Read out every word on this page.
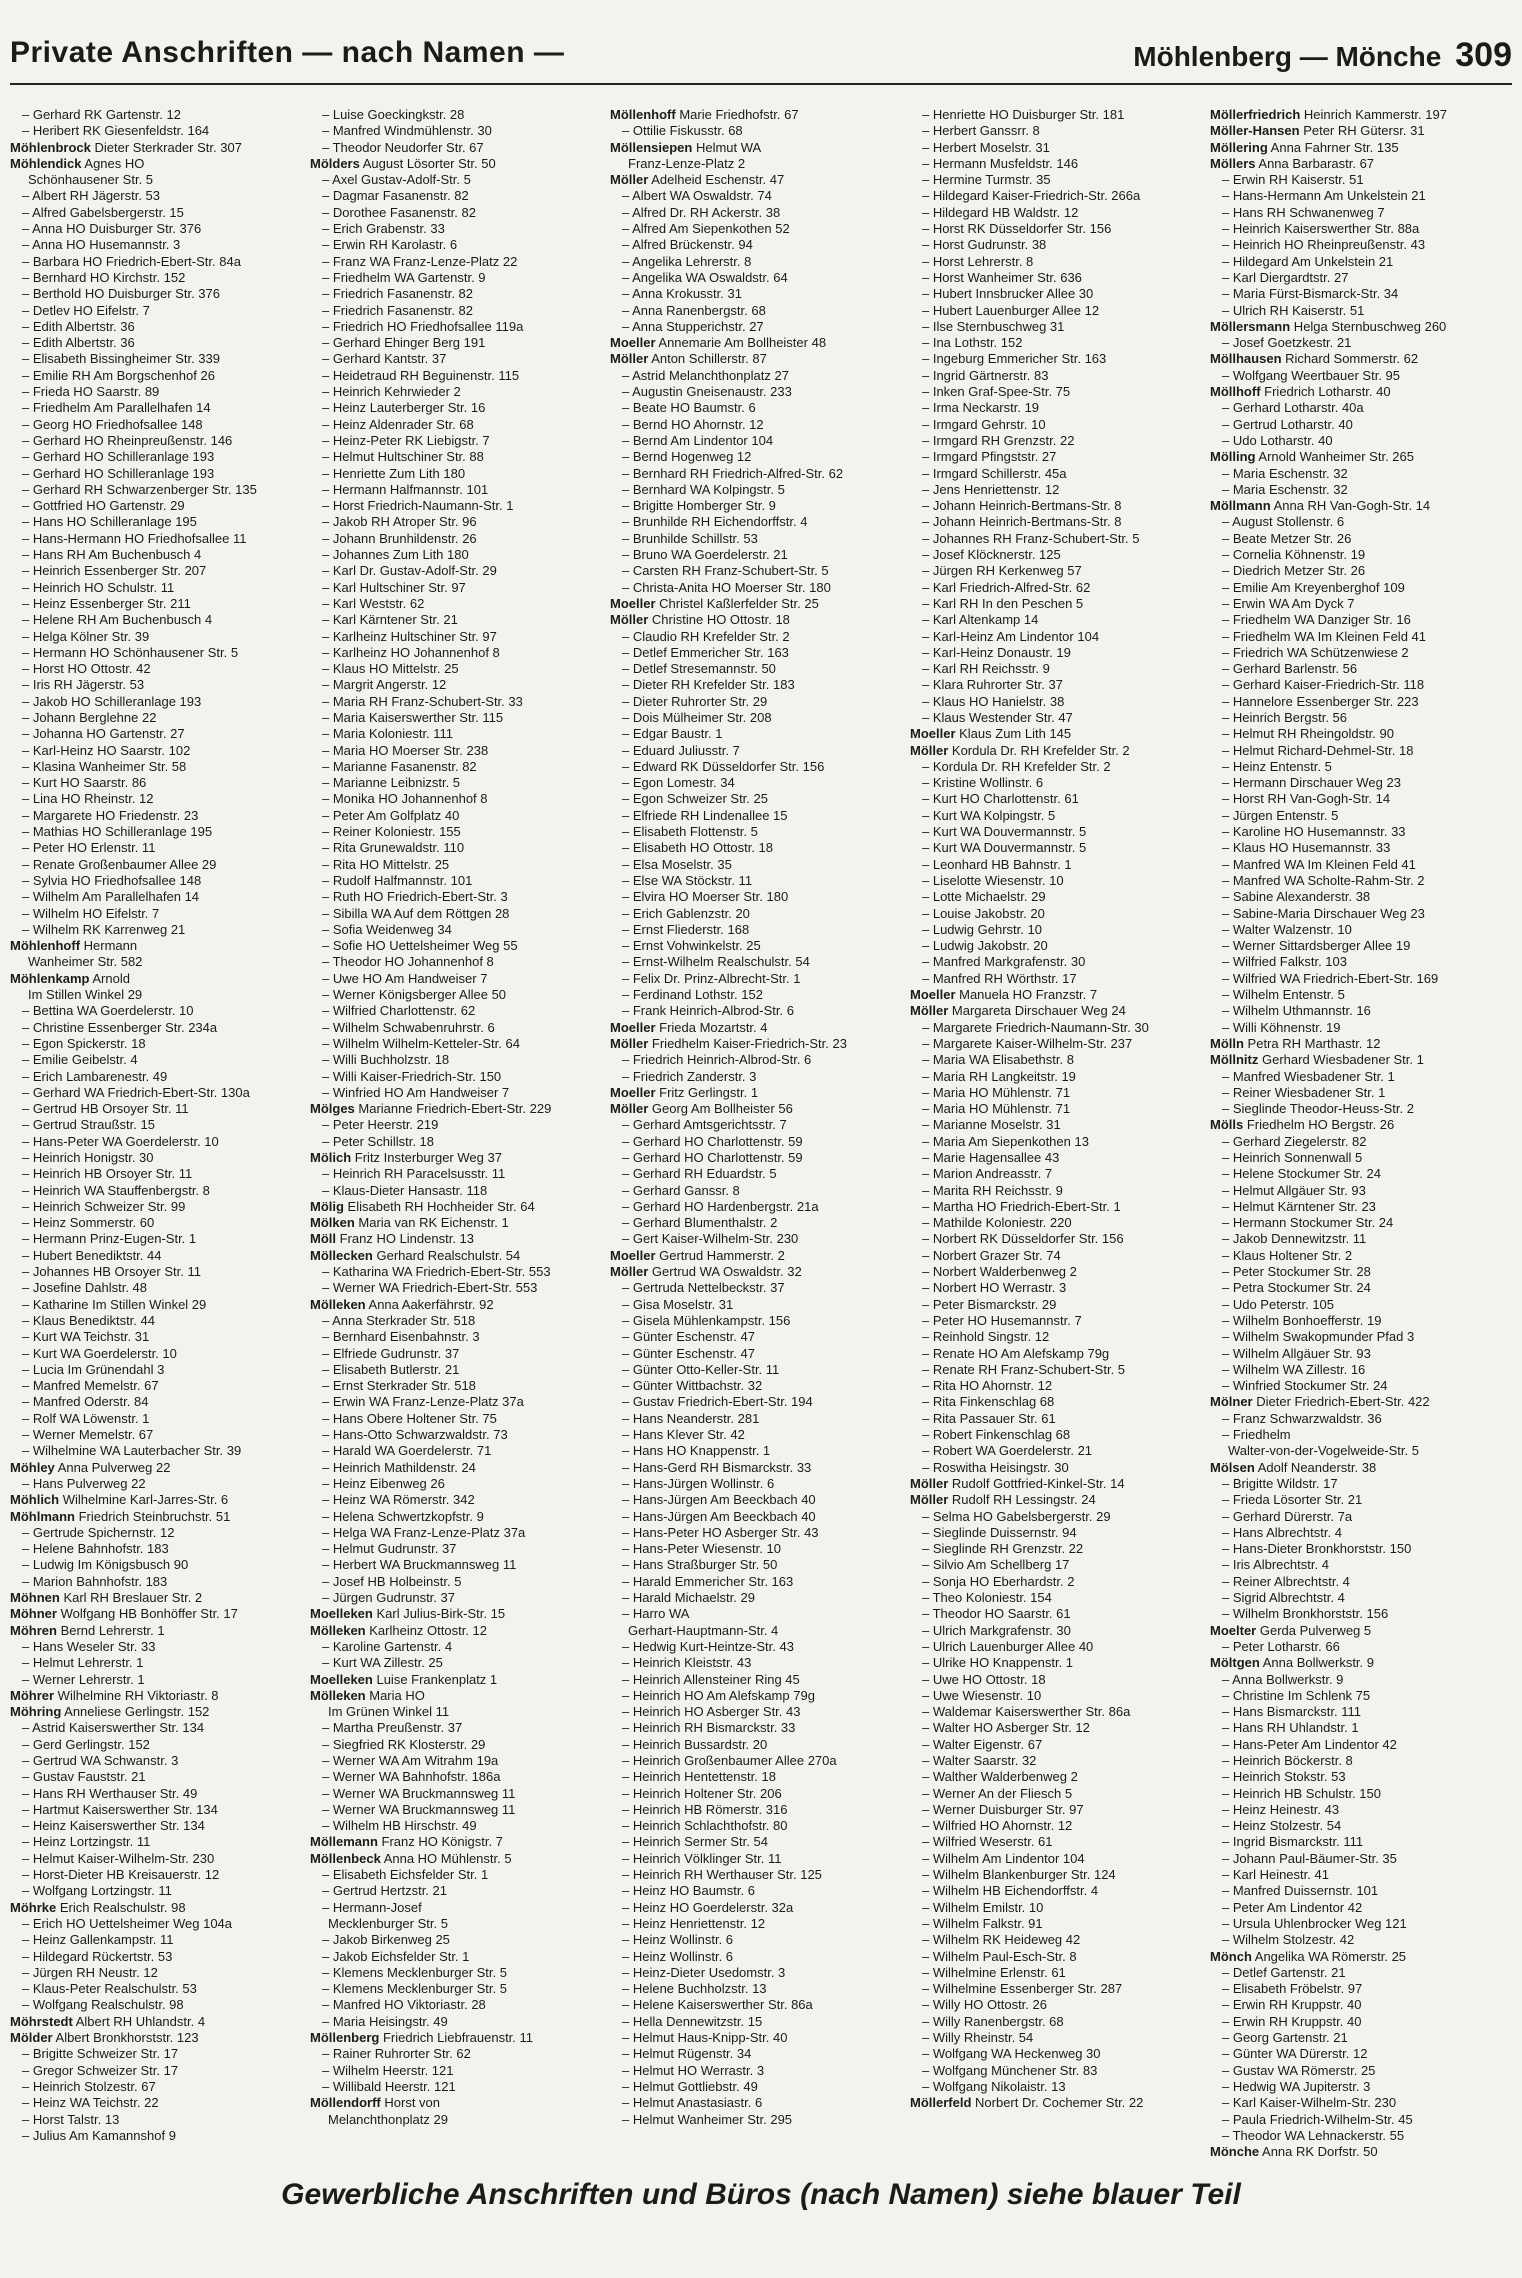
Private Anschriften — nach Namen —	Möhlenberg — Mönche 309
– Gerhard RK Gartenstr. 12
– Heribert RK Giesenfeldstr. 164
Möhlenbrock Dieter Sterkrader Str. 307
Möhlendick Agnes HO
Schönhausener Str. 5
– Albert RH Jägerstr. 53
– Alfred Gabelsbergerstr. 15
– Anna HO Duisburger Str. 376
– Anna HO Husemannstr. 3
– Barbara HO Friedrich-Ebert-Str. 84a
– Bernhard HO Kirchstr. 152
– Berthold HO Duisburger Str. 376
– Detlev HO Eifelstr. 7
– Edith Albertstr. 36
– Edith Albertstr. 36
– Elisabeth Bissingheimer Str. 339
– Emilie RH Am Borgschenhof 26
– Frieda HO Saarstr. 89
– Friedhelm Am Parallelhafen 14
– Georg HO Friedhofsallee 148
– Gerhard HO Rheinpreußenstr. 146
– Gerhard HO Schilleranlage 193
– Gerhard HO Schilleranlage 193
– Gerhard RH Schwarzenberger Str. 135
– Gottfried HO Gartenstr. 29
– Hans HO Schilleranlage 195
– Hans-Hermann HO Friedhofsallee 11
– Hans RH Am Buchenbusch 4
– Heinrich Essenberger Str. 207
– Heinrich HO Schulstr. 11
– Heinz Essenberger Str. 211
– Helene RH Am Buchenbusch 4
– Helga Kölner Str. 39
– Hermann HO Schönhausener Str. 5
– Horst HO Ottostr. 42
– Iris RH Jägerstr. 53
– Jakob HO Schilleranlage 193
– Johann Berglehne 22
– Johanna HO Gartenstr. 27
– Karl-Heinz HO Saarstr. 102
– Klasina Wanheimer Str. 58
– Kurt HO Saarstr. 86
– Lina HO Rheinstr. 12
– Margarete HO Friedenstr. 23
– Mathias HO Schilleranlage 195
– Peter HO Erlenstr. 11
– Renate Großenbaumer Allee 29
– Sylvia HO Friedhofsallee 148
– Wilhelm Am Parallelhafen 14
– Wilhelm HO Eifelstr. 7
– Wilhelm RK Karrenweg 21
Möhlenhoff Hermann
Wanheimer Str. 582
Möhlenkamp Arnold
Im Stillen Winkel 29
– Bettina WA Goerdelerstr. 10
– Christine Essenberger Str. 234a
– Egon Spickerstr. 18
– Emilie Geibelstr. 4
– Erich Lambarenestr. 49
– Gerhard WA Friedrich-Ebert-Str. 130a
– Gertrud HB Orsoyer Str. 11
– Gertrud Straußstr. 15
– Hans-Peter WA Goerdelerstr. 10
– Heinrich Honigstr. 30
– Heinrich HB Orsoyer Str. 11
– Heinrich WA Stauffenbergstr. 8
– Heinrich Schweizer Str. 99
– Heinz Sommerstr. 60
– Hermann Prinz-Eugen-Str. 1
– Hubert Benediktstr. 44
– Johannes HB Orsoyer Str. 11
– Josefine Dahlstr. 48
– Katharine Im Stillen Winkel 29
– Klaus Benediktstr. 44
– Kurt WA Teichstr. 31
– Kurt WA Goerdelerstr. 10
– Lucia Im Grünendahl 3
– Manfred Memelstr. 67
– Manfred Oderstr. 84
– Rolf WA Löwenstr. 1
– Werner Memelstr. 67
– Wilhelmine WA Lauterbacher Str. 39
Möhley Anna Pulverweg 22
– Hans Pulverweg 22
Möhlich Wilhelmine Karl-Jarres-Str. 6
Möhlmann Friedrich Steinbruchstr. 51
– Gertrude Spichernstr. 12
– Helene Bahnhofstr. 183
– Ludwig Im Königsbusch 90
– Marion Bahnhofstr. 183
Möhnen Karl RH Breslauer Str. 2
Möhner Wolfgang HB Bonhöffer Str. 17
Möhren Bernd Lehrerstr. 1
– Hans Weseler Str. 33
– Helmut Lehrerstr. 1
– Werner Lehrerstr. 1
Möhrer Wilhelmine RH Viktoriastr. 8
Möhring Anneliese Gerlingstr. 152
– Astrid Kaiserswerther Str. 134
– Gerd Gerlingstr. 152
– Gertrud WA Schwanstr. 3
– Gustav Fauststr. 21
– Hans RH Werthauser Str. 49
– Hartmut Kaiserswerther Str. 134
– Heinz Kaiserswerther Str. 134
– Heinz Lortzingstr. 11
– Helmut Kaiser-Wilhelm-Str. 230
– Horst-Dieter HB Kreisauerstr. 12
– Wolfgang Lortzingstr. 11
Möhrke Erich Realschulstr. 98
– Erich HO Uettelsheimer Weg 104a
– Heinz Gallenkampstr. 11
– Hildegard Rückertstr. 53
– Jürgen RH Neustr. 12
– Klaus-Peter Realschulstr. 53
– Wolfgang Realschulstr. 98
Möhrstedt Albert RH Uhlandstr. 4
Mölder Albert Bronkhorststr. 123
– Brigitte Schweizer Str. 17
– Gregor Schweizer Str. 17
– Heinrich Stolzestr. 67
– Heinz WA Teichstr. 22
– Horst Talstr. 13
– Julius Am Kamannshof 9
– Luise Goeckingkstr. 28
– Manfred Windmühlenstr. 30
– Theodor Neudorfer Str. 67
Mölders August Lösorter Str. 50
– Axel Gustav-Adolf-Str. 5
– Dagmar Fasanenstr. 82
– Dorothee Fasanenstr. 82
– Erich Grabenstr. 33
– Erwin RH Karolastr. 6
– Franz WA Franz-Lenze-Platz 22
– Friedhelm WA Gartenstr. 9
– Friedrich Fasanenstr. 82
– Friedrich Fasanenstr. 82
– Friedrich HO Friedhofsallee 119a
– Gerhard Ehinger Berg 191
– Gerhard Kantstr. 37
– Heidetraud RH Beguinenstr. 115
– Heinrich Kehrwieder 2
– Heinz Lauterberger Str. 16
– Heinz Aldenrader Str. 68
– Heinz-Peter RK Liebigstr. 7
– Helmut Hultschiner Str. 88
– Henriette Zum Lith 180
– Hermann Halfmannstr. 101
– Horst Friedrich-Naumann-Str. 1
– Jakob RH Atroper Str. 96
– Johann Brunhildenstr. 26
– Johannes Zum Lith 180
– Karl Dr. Gustav-Adolf-Str. 29
– Karl Hultschiner Str. 97
– Karl Weststr. 62
– Karl Kärntener Str. 21
– Karlheinz Hultschiner Str. 97
– Karlheinz HO Johannenhof 8
– Klaus HO Mittelstr. 25
– Margrit Angerstr. 12
– Maria RH Franz-Schubert-Str. 33
– Maria Kaiserswerther Str. 115
– Maria Koloniestr. 111
– Maria HO Moerser Str. 238
– Marianne Fasanenstr. 82
– Marianne Leibnizstr. 5
– Monika HO Johannenhof 8
– Peter Am Golfplatz 40
– Reiner Koloniestr. 155
– Rita Grunewaldstr. 110
– Rita HO Mittelstr. 25
– Rudolf Halfmannstr. 101
– Ruth HO Friedrich-Ebert-Str. 3
– Sibilla WA Auf dem Röttgen 28
– Sofia Weidenweg 34
– Sofie HO Uettelsheimer Weg 55
– Theodor HO Johannenhof 8
– Uwe HO Am Handweiser 7
– Werner Königsberger Allee 50
– Wilfried Charlottenstr. 62
– Wilhelm Schwabenruhrstr. 6
– Wilhelm Wilhelm-Ketteler-Str. 64
– Willi Buchholzstr. 18
– Willi Kaiser-Friedrich-Str. 150
– Winfried HO Am Handweiser 7
Mölges Marianne Friedrich-Ebert-Str. 229
– Peter Heerstr. 219
– Peter Schillstr. 18
Mölich Fritz Insterburger Weg 37
– Heinrich RH Paracelsusstr. 11
– Klaus-Dieter Hansastr. 118
Mölig Elisabeth RH Hochheider Str. 64
Mölken Maria van RK Eichenstr. 1
Möll Franz HO Lindenstr. 13
Möllecken Gerhard Realschulstr. 54
– Katharina WA Friedrich-Ebert-Str. 553
– Werner WA Friedrich-Ebert-Str. 553
Mölleken Anna Aakerfährstr. 92
– Anna Sterkrader Str. 518
– Bernhard Eisenbahnstr. 3
– Elfriede Gudrunstr. 37
– Elisabeth Butlerstr. 21
– Ernst Sterkrader Str. 518
– Erwin WA Franz-Lenze-Platz 37a
– Hans Obere Holtener Str. 75
– Hans-Otto Schwarzwaldstr. 73
– Harald WA Goerdelerstr. 71
– Heinrich Mathildenstr. 24
– Heinz Eibenweg 26
– Heinz WA Römerstr. 342
– Helena Schwertzkopfstr. 9
– Helga WA Franz-Lenze-Platz 37a
– Helmut Gudrunstr. 37
– Herbert WA Bruckmannsweg 11
– Josef HB Holbeinstr. 5
– Jürgen Gudrunstr. 37
Moelleken Karl Julius-Birk-Str. 15
Mölleken Karlheinz Ottostr. 12
– Karoline Gartenstr. 4
– Kurt WA Zillestr. 25
Moelleken Luise Frankenplatz 1
Mölleken Maria HO
Im Grünen Winkel 11
– Martha Preußenstr. 37
– Siegfried RK Klosterstr. 29
– Werner WA Am Witrahm 19a
– Werner WA Bahnhofstr. 186a
– Werner WA Bruckmannsweg 11
– Werner WA Bruckmannsweg 11
– Wilhelm HB Hirschstr. 49
Möllemann Franz HO Königstr. 7
Möllenbeck Anna HO Mühlenstr. 5
– Elisabeth Eichsfelder Str. 1
– Gertrud Hertzstr. 21
– Hermann-Josef
Mecklenburger Str. 5
– Jakob Birkenweg 25
– Jakob Eichsfelder Str. 1
– Klemens Mecklenburger Str. 5
– Klemens Mecklenburger Str. 5
– Manfred HO Viktoriastr. 28
– Maria Heisingstr. 49
Möllenberg Friedrich Liebfrauenstr. 11
– Rainer Ruhrorter Str. 62
– Wilhelm Heerstr. 121
– Willibald Heerstr. 121
Möllendorff Horst von
Melanchthonplatz 29
Möllenhoff Marie Friedhofstr. 67
– Ottilie Fiskusstr. 68
Möllensiepen Helmut WA
Franz-Lenze-Platz 2
Möller Adelheid Eschenstr. 47
– Albert WA Oswaldstr. 74
– Alfred Dr. RH Ackerstr. 38
– Alfred Am Siepenkothen 52
– Alfred Brückenstr. 94
– Angelika Lehrerstr. 8
– Angelika WA Oswaldstr. 64
– Anna Krokusstr. 31
– Anna Ranenbergstr. 68
– Anna Stupperichstr. 27
Moeller Annemarie Am Bollheister 48
Möller Anton Schillerstr. 87
– Astrid Melanchthonplatz 27
– Augustin Gneisenaustr. 233
– Beate HO Baumstr. 6
– Bernd HO Ahornstr. 12
– Bernd Am Lindentor 104
– Bernd Hogenweg 12
– Bernhard RH Friedrich-Alfred-Str. 62
– Bernhard WA Kolpingstr. 5
– Brigitte Homberger Str. 9
– Brunhilde RH Eichendorffstr. 4
– Brunhilde Schillstr. 53
– Bruno WA Goerdelerstr. 21
– Carsten RH Franz-Schubert-Str. 5
– Christa-Anita HO Moerser Str. 180
Moeller Christel Kaßlerfelder Str. 25
Möller Christine HO Ottostr. 18
– Claudio RH Krefelder Str. 2
– Detlef Emmericher Str. 163
– Detlef Stresemannstr. 50
– Dieter RH Krefelder Str. 183
– Dieter Ruhrorter Str. 29
– Dois Mülheimer Str. 208
– Edgar Baustr. 1
– Eduard Juliusstr. 7
– Edward RK Düsseldorfer Str. 156
– Egon Lomestr. 34
– Egon Schweizer Str. 25
– Elfriede RH Lindenallee 15
– Elisabeth Flottenstr. 5
– Elisabeth HO Ottostr. 18
– Elsa Moselstr. 35
– Else WA Stöckstr. 11
– Elvira HO Moerser Str. 180
– Erich Gablenzstr. 20
– Ernst Fliederstr. 168
– Ernst Vohwinkelstr. 25
– Ernst-Wilhelm Realschulstr. 54
– Felix Dr. Prinz-Albrecht-Str. 1
– Ferdinand Lothstr. 152
– Frank Heinrich-Albrod-Str. 6
Moeller Frieda Mozartstr. 4
Möller Friedhelm Kaiser-Friedrich-Str. 23
– Friedrich Heinrich-Albrod-Str. 6
– Friedrich Zanderstr. 3
Moeller Fritz Gerlingstr. 1
Möller Georg Am Bollheister 56
– Gerhard Amtsgerichtsstr. 7
– Gerhard HO Charlottenstr. 59
– Gerhard HO Charlottenstr. 59
– Gerhard RH Eduardstr. 5
– Gerhard Ganssr. 8
– Gerhard HO Hardenbergstr. 21a
– Gerhard Blumenthalstr. 2
– Gert Kaiser-Wilhelm-Str. 230
Moeller Gertrud Hammerstr. 2
Möller Gertrud WA Oswaldstr. 32
– Gertruda Nettelbeckstr. 37
– Gisa Moselstr. 31
– Gisela Mühlenkampstr. 156
– Günter Eschenstr. 47
– Günter Eschenstr. 47
– Günter Otto-Keller-Str. 11
– Günter Wittbachstr. 32
– Gustav Friedrich-Ebert-Str. 194
– Hans Neanderstr. 281
– Hans Klever Str. 42
– Hans HO Knappenstr. 1
– Hans-Gerd RH Bismarckstr. 33
– Hans-Jürgen Wollinstr. 6
– Hans-Jürgen Am Beeckbach 40
– Hans-Jürgen Am Beeckbach 40
– Hans-Peter HO Asberger Str. 43
– Hans-Peter Wiesenstr. 10
– Hans Straßburger Str. 50
– Harald Emmericher Str. 163
– Harald Michaelstr. 29
– Harro WA
Gerhart-Hauptmann-Str. 4
– Hedwig Kurt-Heintze-Str. 43
– Heinrich Kleiststr. 43
– Heinrich Allensteiner Ring 45
– Heinrich HO Am Alefskamp 79g
– Heinrich HO Asberger Str. 43
– Heinrich RH Bismarckstr. 33
– Heinrich Bussardstr. 20
– Heinrich Großenbaumer Allee 270a
– Heinrich Hentettenstr. 18
– Heinrich Holtener Str. 206
– Heinrich HB Römerstr. 316
– Heinrich Schlachthofstr. 80
– Heinrich Sermer Str. 54
– Heinrich Völklinger Str. 11
– Heinrich RH Werthauser Str. 125
– Heinz HO Baumstr. 6
– Heinz HO Goerdelerstr. 32a
– Heinz Henriettenstr. 12
– Heinz Wollinstr. 6
– Heinz Wollinstr. 6
– Heinz-Dieter Usedomstr. 3
– Helene Buchholzstr. 13
– Helene Kaiserswerther Str. 86a
– Hella Dennewitzstr. 15
– Helmut Haus-Knipp-Str. 40
– Helmut Rügenstr. 34
– Helmut HO Werrastr. 3
– Helmut Gottliebstr. 49
– Helmut Anastasiastr. 6
– Helmut Wanheimer Str. 295
– Henriette HO Duisburger Str. 181
– Herbert Ganssrr. 8
– Herbert Moselstr. 31
– Hermann Musfeldstr. 146
– Hermine Turmstr. 35
– Hildegard Kaiser-Friedrich-Str. 266a
– Hildegard HB Waldstr. 12
– Horst RK Düsseldorfer Str. 156
– Horst Gudrunstr. 38
– Horst Lehrerstr. 8
– Horst Wanheimer Str. 636
– Hubert Innsbrucker Allee 30
– Hubert Lauenburger Allee 12
– Ilse Sternbuschweg 31
– Ina Lothstr. 152
– Ingeburg Emmericher Str. 163
– Ingrid Gärtnerstr. 83
– Inken Graf-Spee-Str. 75
– Irma Neckarstr. 19
– Irmgard Gehrstr. 10
– Irmgard RH Grenzstr. 22
– Irmgard Pfingststr. 27
– Irmgard Schillerstr. 45a
– Jens Henriettenstr. 12
– Johann Heinrich-Bertmans-Str. 8
– Johann Heinrich-Bertmans-Str. 8
– Johannes RH Franz-Schubert-Str. 5
– Josef Klöcknerstr. 125
– Jürgen RH Kerkenweg 57
– Karl Friedrich-Alfred-Str. 62
– Karl RH In den Peschen 5
– Karl Altenkamp 14
– Karl-Heinz Am Lindentor 104
– Karl-Heinz Donaustr. 19
– Karl RH Reichsstr. 9
– Klara Ruhrorter Str. 37
– Klaus HO Hanielstr. 38
– Klaus Westender Str. 47
Moeller Klaus Zum Lith 145
Möller Kordula Dr. RH Krefelder Str. 2
– Kordula Dr. RH Krefelder Str. 2
– Kristine Wollinstr. 6
– Kurt HO Charlottenstr. 61
– Kurt WA Kolpingstr. 5
– Kurt WA Douvermannstr. 5
– Kurt WA Douvermannstr. 5
– Leonhard HB Bahnstr. 1
– Liselotte Wiesenstr. 10
– Lotte Michaelstr. 29
– Louise Jakobstr. 20
– Ludwig Gehrstr. 10
– Ludwig Jakobstr. 20
– Manfred Markgrafenstr. 30
– Manfred RH Wörthstr. 17
Moeller Manuela HO Franzstr. 7
Möller Margareta Dirschauer Weg 24
– Margarete Friedrich-Naumann-Str. 30
– Margarete Kaiser-Wilhelm-Str. 237
– Maria WA Elisabethstr. 8
– Maria RH Langkeitstr. 19
– Maria HO Mühlenstr. 71
– Maria HO Mühlenstr. 71
– Marianne Moselstr. 31
– Maria Am Siepenkothen 13
– Marie Hagensallee 43
– Marion Andreasstr. 7
– Marita RH Reichsstr. 9
– Martha HO Friedrich-Ebert-Str. 1
– Mathilde Koloniestr. 220
– Norbert RK Düsseldorfer Str. 156
– Norbert Grazer Str. 74
– Norbert Walderbenweg 2
– Norbert HO Werrastr. 3
– Peter Bismarckstr. 29
– Peter HO Husemannstr. 7
– Reinhold Singstr. 12
– Renate HO Am Alefskamp 79g
– Renate RH Franz-Schubert-Str. 5
– Rita HO Ahornstr. 12
– Rita Finkenschlag 68
– Rita Passauer Str. 61
– Robert Finkenschlag 68
– Robert WA Goerdelerstr. 21
– Roswitha Heisingstr. 30
Möller Rudolf Gottfried-Kinkel-Str. 14
Möller Rudolf RH Lessingstr. 24
– Selma HO Gabelsbergerstr. 29
– Sieglinde Duissernstr. 94
– Sieglinde RH Grenzstr. 22
– Silvio Am Schellberg 17
– Sonja HO Eberhardstr. 2
– Theo Koloniestr. 154
– Theodor HO Saarstr. 61
– Ulrich Markgrafenstr. 30
– Ulrich Lauenburger Allee 40
– Ulrike HO Knappenstr. 1
– Uwe HO Ottostr. 18
– Uwe Wiesenstr. 10
– Waldemar Kaiserswerther Str. 86a
– Walter HO Asberger Str. 12
– Walter Eigenstr. 67
– Walter Saarstr. 32
– Walther Walderbenweg 2
– Werner An der Fliesch 5
– Werner Duisburger Str. 97
– Wilfried HO Ahornstr. 12
– Wilfried Weserstr. 61
– Wilhelm Am Lindentor 104
– Wilhelm Blankenburger Str. 124
– Wilhelm HB Eichendorffstr. 4
– Wilhelm Emilstr. 10
– Wilhelm Falkstr. 91
– Wilhelm RK Heideweg 42
– Wilhelm Paul-Esch-Str. 8
– Wilhelmine Erlenstr. 61
– Wilhelmine Essenberger Str. 287
– Willy HO Ottostr. 26
– Willy Ranenbergstr. 68
– Willy Rheinstr. 54
– Wolfgang WA Heckenweg 30
– Wolfgang Münchener Str. 83
– Wolfgang Nikolaistr. 13
Möllerfeld Norbert Dr. Cochemer Str. 22
Möllerfriedrich Heinrich Kammerstr. 197
Möller-Hansen Peter RH Gütersr. 31
Möllering Anna Fahrner Str. 135
Möllers Anna Barbarastr. 67
– Erwin RH Kaiserstr. 51
– Hans-Hermann Am Unkelstein 21
– Hans RH Schwanenweg 7
– Heinrich Kaiserswerther Str. 88a
– Heinrich HO Rheinpreußenstr. 43
– Hildegard Am Unkelstein 21
– Karl Diergardtstr. 27
– Maria Fürst-Bismarck-Str. 34
– Ulrich RH Kaiserstr. 51
Möllersmann Helga Sternbuschweg 260
– Josef Goetzkestr. 21
Möllhausen Richard Sommerstr. 62
– Wolfgang Weertbauer Str. 95
Möllhoff Friedrich Lotharstr. 40
– Gerhard Lotharstr. 40a
– Gertrud Lotharstr. 40
– Udo Lotharstr. 40
Mölling Arnold Wanheimer Str. 265
– Maria Eschenstr. 32
– Maria Eschenstr. 32
Möllmann Anna RH Van-Gogh-Str. 14
– August Stollenstr. 6
– Beate Metzer Str. 26
– Cornelia Köhnenstr. 19
– Diedrich Metzer Str. 26
– Emilie Am Kreyenberghof 109
– Erwin WA Am Dyck 7
– Friedhelm WA Danziger Str. 16
– Friedhelm WA Im Kleinen Feld 41
– Friedrich WA Schützenwiese 2
– Gerhard Barlenstr. 56
– Gerhard Kaiser-Friedrich-Str. 118
– Hannelore Essenberger Str. 223
– Heinrich Bergstr. 56
– Helmut RH Rheingoldstr. 90
– Helmut Richard-Dehmel-Str. 18
– Heinz Entenstr. 5
– Hermann Dirschauer Weg 23
– Horst RH Van-Gogh-Str. 14
– Jürgen Entenstr. 5
– Karoline HO Husemannstr. 33
– Klaus HO Husemannstr. 33
– Manfred WA Im Kleinen Feld 41
– Manfred WA Scholte-Rahm-Str. 2
– Sabine Alexanderstr. 38
– Sabine-Maria Dirschauer Weg 23
– Walter Walzenstr. 10
– Werner Sittardsberger Allee 19
– Wilfried Falkstr. 103
– Wilfried WA Friedrich-Ebert-Str. 169
– Wilhelm Entenstr. 5
– Wilhelm Uthmannstr. 16
– Willi Köhnenstr. 19
Mölln Petra RH Marthastr. 12
Möllnitz Gerhard Wiesbadener Str. 1
– Manfred Wiesbadener Str. 1
– Reiner Wiesbadener Str. 1
– Sieglinde Theodor-Heuss-Str. 2
Mölls Friedhelm HO Bergstr. 26
– Gerhard Ziegelerstr. 82
– Heinrich Sonnenwall 5
– Helene Stockumer Str. 24
– Helmut Allgäuer Str. 93
– Helmut Kärntener Str. 23
– Hermann Stockumer Str. 24
– Jakob Dennewitzstr. 11
– Klaus Holtener Str. 2
– Peter Stockumer Str. 28
– Petra Stockumer Str. 24
– Udo Peterstr. 105
– Wilhelm Bonhoefferstr. 19
– Wilhelm Swakopmunder Pfad 3
– Wilhelm Allgäuer Str. 93
– Wilhelm WA Zillestr. 16
– Winfried Stockumer Str. 24
Mölner Dieter Friedrich-Ebert-Str. 422
– Franz Schwarzwaldstr. 36
– Friedhelm
Walter-von-der-Vogelweide-Str. 5
Mölsen Adolf Neanderstr. 38
– Brigitte Wildstr. 17
– Frieda Lösorter Str. 21
– Gerhard Dürerstr. 7a
– Hans Albrechtstr. 4
– Hans-Dieter Bronkhorststr. 150
– Iris Albrechtstr. 4
– Reiner Albrechtstr. 4
– Sigrid Albrechtstr. 4
– Wilhelm Bronkhorststr. 156
Moelter Gerda Pulverweg 5
– Peter Lotharstr. 66
Möltgen Anna Bollwerkstr. 9
– Anna Bollwerkstr. 9
– Christine Im Schlenk 75
– Hans Bismarckstr. 111
– Hans RH Uhlandstr. 1
– Hans-Peter Am Lindentor 42
– Heinrich Böckerstr. 8
– Heinrich Stokstr. 53
– Heinrich HB Schulstr. 150
– Heinz Heinestr. 43
– Heinz Stolzestr. 54
– Ingrid Bismarckstr. 111
– Johann Paul-Bäumer-Str. 35
– Karl Heinestr. 41
– Manfred Duissernstr. 101
– Peter Am Lindentor 42
– Ursula Uhlenbrocker Weg 121
– Wilhelm Stolzestr. 42
Mönch Angelika WA Römerstr. 25
– Detlef Gartenstr. 21
– Elisabeth Fröbelstr. 97
– Erwin RH Kruppstr. 40
– Erwin RH Kruppstr. 40
– Georg Gartenstr. 21
– Günter WA Dürerstr. 12
– Gustav WA Römerstr. 25
– Hedwig WA Jupiterstr. 3
– Karl Kaiser-Wilhelm-Str. 230
– Paula Friedrich-Wilhelm-Str. 45
– Theodor WA Lehnackerstr. 55
Mönche Anna RK Dorfstr. 50
Gewerbliche Anschriften und Büros (nach Namen) siehe blauer Teil
